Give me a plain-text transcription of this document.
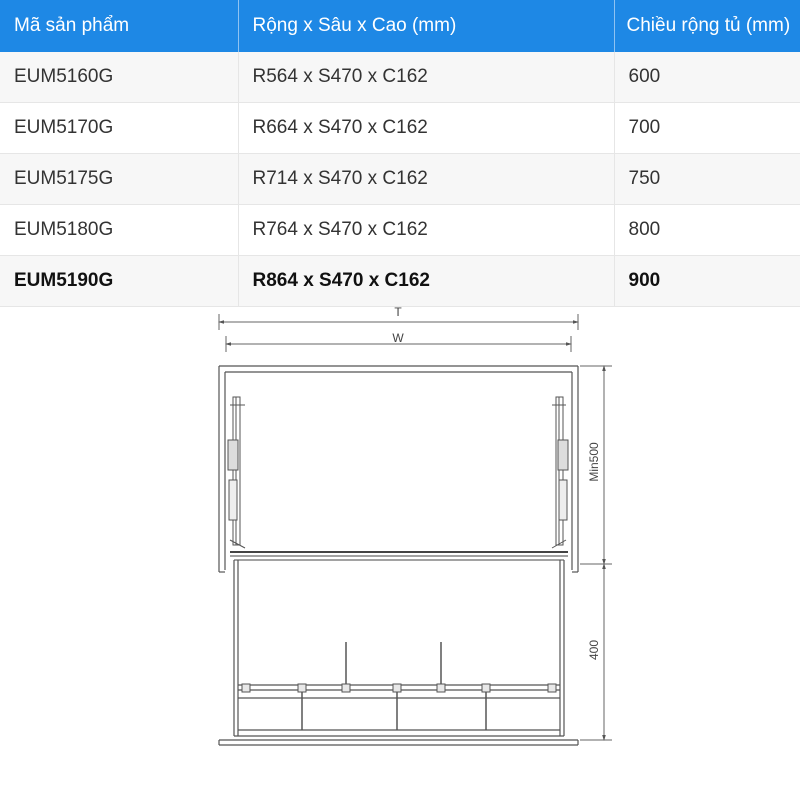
Mã sản phẩm	Rộng x Sâu x Cao (mm)	Chiều rộng tủ (mm)
EUM5160G	R564 x S470 x C162	600
EUM5170G	R664 x S470 x C162	700
EUM5175G	R714 x S470 x C162	750
EUM5180G	R764 x S470 x C162	800
EUM5190G	R864 x S470 x C162	900
T
W
Min500
400
